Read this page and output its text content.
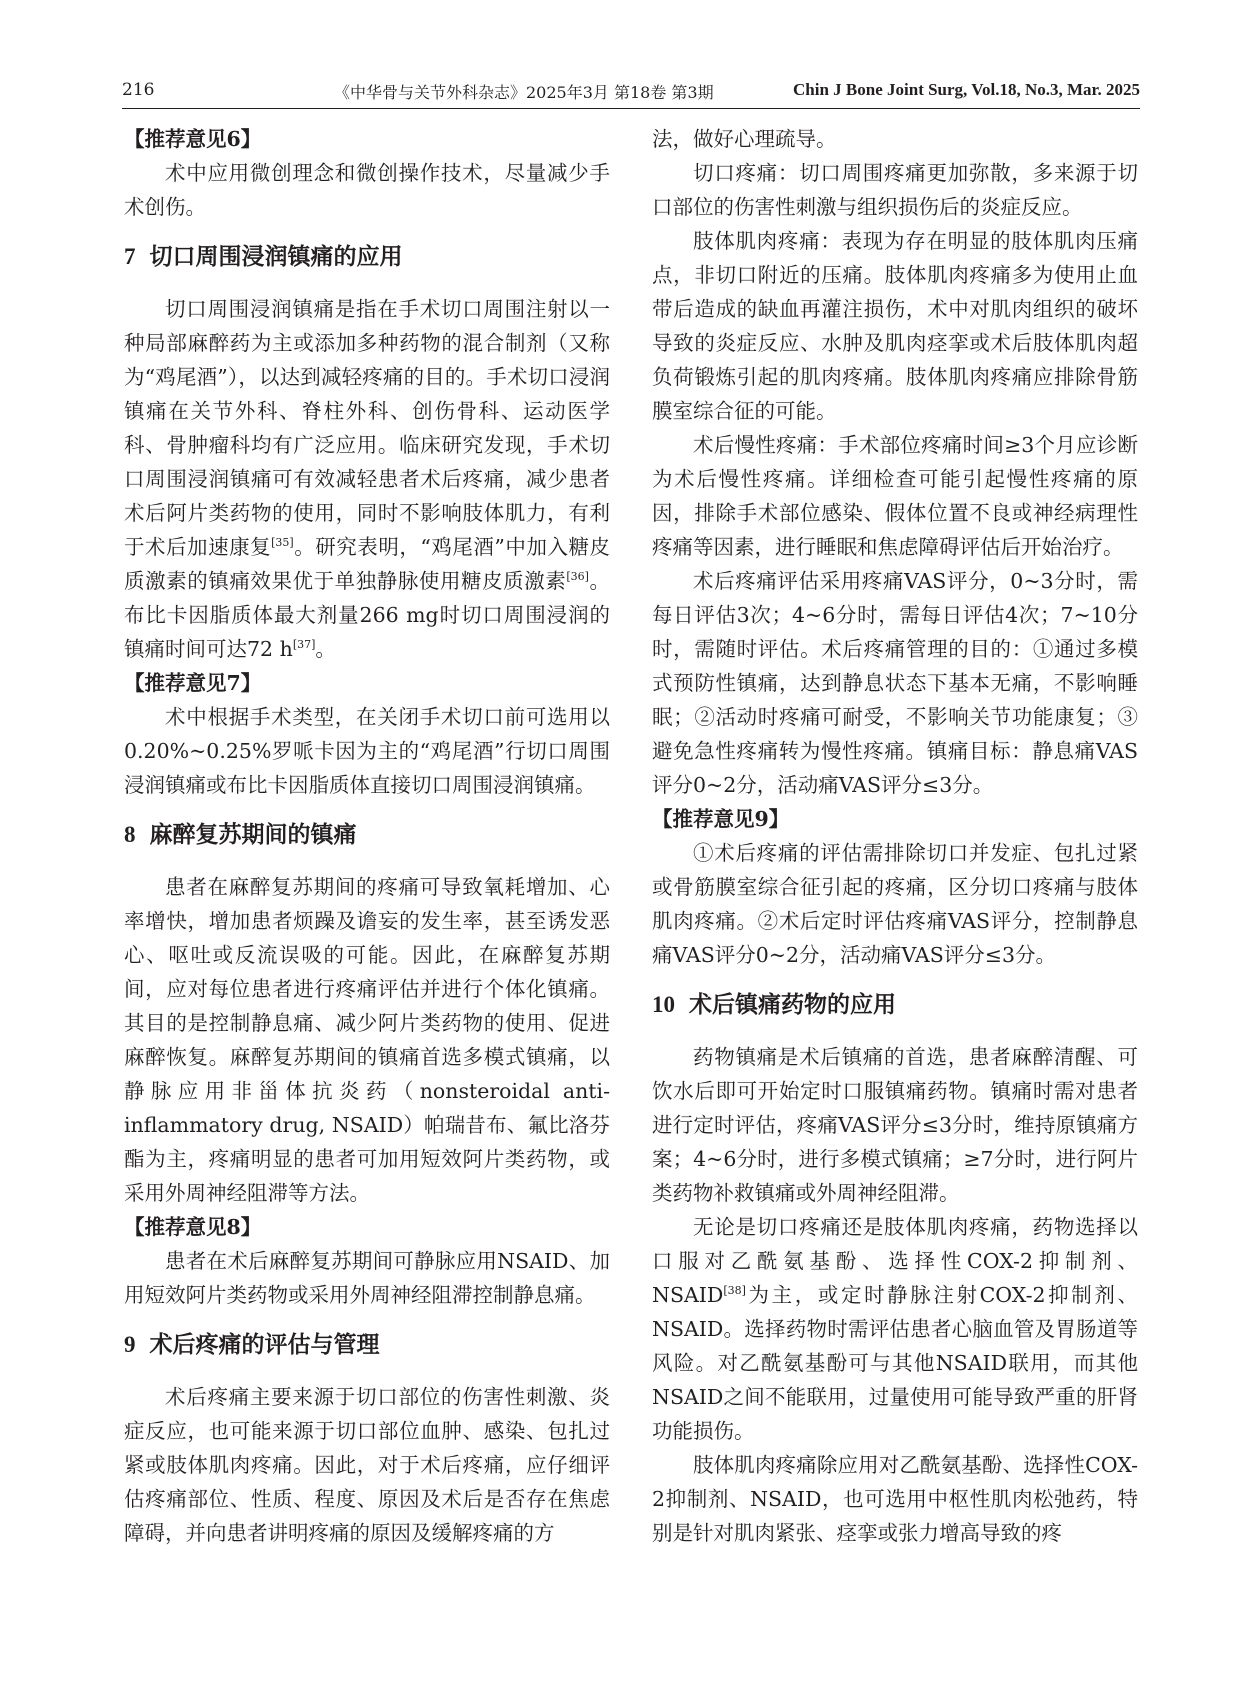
216	《中华骨与关节外科杂志》2025年3月 第18卷 第3期	Chin J Bone Joint Surg, Vol.18, No.3, Mar. 2025

【推荐意见6】

术中应用微创理念和微创操作技术，尽量减少手术创伤。

7 切口周围浸润镇痛的应用

切口周围浸润镇痛是指在手术切口周围注射以一种局部麻醉药为主或添加多种药物的混合制剂（又称为“鸡尾酒”），以达到减轻疼痛的目的。手术切口浸润镇痛在关节外科、脊柱外科、创伤骨科、运动医学科、骨肿瘤科均有广泛应用。临床研究发现，手术切口周围浸润镇痛可有效减轻患者术后疼痛，减少患者术后阿片类药物的使用，同时不影响肢体肌力，有利于术后加速康复[35]。研究表明，“鸡尾酒”中加入糖皮质激素的镇痛效果优于单独静脉使用糖皮质激素[36]。布比卡因脂质体最大剂量266 mg时切口周围浸润的镇痛时间可达72 h[37]。

【推荐意见7】

术中根据手术类型，在关闭手术切口前可选用以0.20%~0.25%罗哌卡因为主的“鸡尾酒”行切口周围浸润镇痛或布比卡因脂质体直接切口周围浸润镇痛。

8 麻醉复苏期间的镇痛

患者在麻醉复苏期间的疼痛可导致氧耗增加、心率增快，增加患者烦躁及谵妄的发生率，甚至诱发恶心、呕吐或反流误吸的可能。因此，在麻醉复苏期间，应对每位患者进行疼痛评估并进行个体化镇痛。其目的是控制静息痛、减少阿片类药物的使用、促进麻醉恢复。麻醉复苏期间的镇痛首选多模式镇痛，以静脉应用非甾体抗炎药（nonsteroidal anti-inflammatory drug, NSAID）帕瑞昔布、氟比洛芬酯为主，疼痛明显的患者可加用短效阿片类药物，或采用外周神经阻滞等方法。

【推荐意见8】

患者在术后麻醉复苏期间可静脉应用NSAID、加用短效阿片类药物或采用外周神经阻滞控制静息痛。

9 术后疼痛的评估与管理

术后疼痛主要来源于切口部位的伤害性刺激、炎症反应，也可能来源于切口部位血肿、感染、包扎过紧或肢体肌肉疼痛。因此，对于术后疼痛，应仔细评估疼痛部位、性质、程度、原因及术后是否存在焦虑障碍，并向患者讲明疼痛的原因及缓解疼痛的方

法，做好心理疏导。

切口疼痛：切口周围疼痛更加弥散，多来源于切口部位的伤害性刺激与组织损伤后的炎症反应。

肢体肌肉疼痛：表现为存在明显的肢体肌肉压痛点，非切口附近的压痛。肢体肌肉疼痛多为使用止血带后造成的缺血再灌注损伤，术中对肌肉组织的破坏导致的炎症反应、水肿及肌肉痉挛或术后肢体肌肉超负荷锻炼引起的肌肉疼痛。肢体肌肉疼痛应排除骨筋膜室综合征的可能。

术后慢性疼痛：手术部位疼痛时间≥3个月应诊断为术后慢性疼痛。详细检查可能引起慢性疼痛的原因，排除手术部位感染、假体位置不良或神经病理性疼痛等因素，进行睡眠和焦虑障碍评估后开始治疗。

术后疼痛评估采用疼痛VAS评分，0~3分时，需每日评估3次；4~6分时，需每日评估4次；7~10分时，需随时评估。术后疼痛管理的目的：①通过多模式预防性镇痛，达到静息状态下基本无痛，不影响睡眠；②活动时疼痛可耐受，不影响关节功能康复；③避免急性疼痛转为慢性疼痛。镇痛目标：静息痛VAS评分0~2分，活动痛VAS评分≤3分。

【推荐意见9】

①术后疼痛的评估需排除切口并发症、包扎过紧或骨筋膜室综合征引起的疼痛，区分切口疼痛与肢体肌肉疼痛。②术后定时评估疼痛VAS评分，控制静息痛VAS评分0~2分，活动痛VAS评分≤3分。

10 术后镇痛药物的应用

药物镇痛是术后镇痛的首选，患者麻醉清醒、可饮水后即可开始定时口服镇痛药物。镇痛时需对患者进行定时评估，疼痛VAS评分≤3分时，维持原镇痛方案；4~6分时，进行多模式镇痛；≥7分时，进行阿片类药物补救镇痛或外周神经阻滞。

无论是切口疼痛还是肢体肌肉疼痛，药物选择以口服对乙酰氨基酚、选择性COX-2抑制剂、NSAID[38]为主，或定时静脉注射COX-2抑制剂、NSAID。选择药物时需评估患者心脑血管及胃肠道等风险。对乙酰氨基酚可与其他NSAID联用，而其他NSAID之间不能联用，过量使用可能导致严重的肝肾功能损伤。

肢体肌肉疼痛除应用对乙酰氨基酚、选择性COX-2抑制剂、NSAID，也可选用中枢性肌肉松弛药，特别是针对肌肉紧张、痉挛或张力增高导致的疼
